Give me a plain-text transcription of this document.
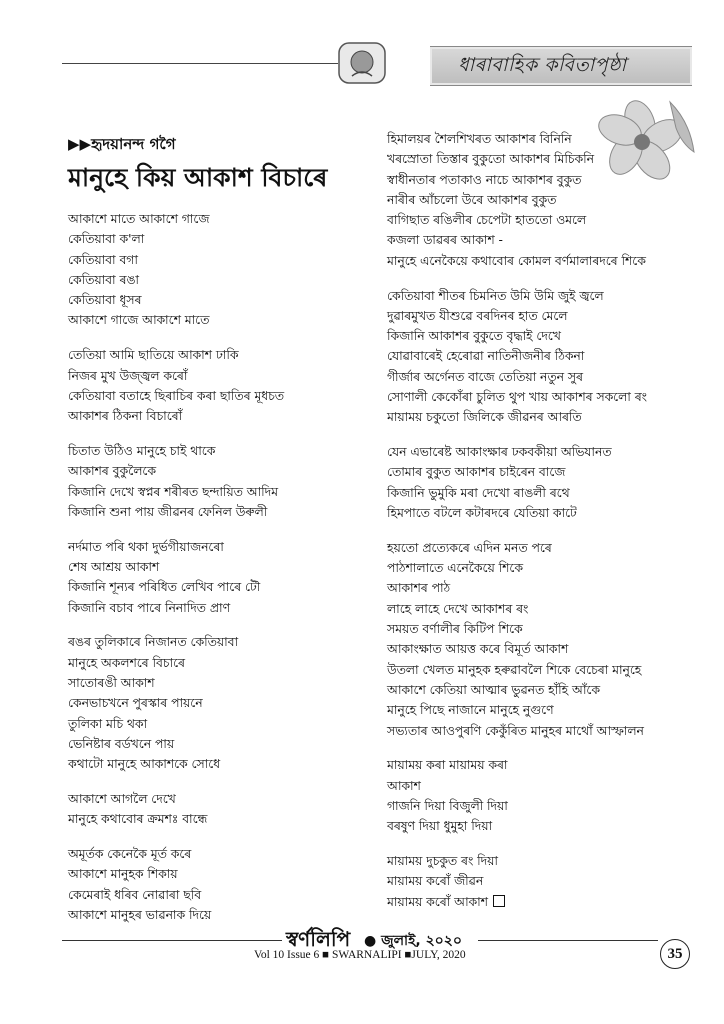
ধাৰাবাহিক কবিতাপৃষ্ঠা
▶▶হৃদয়ানন্দ গগৈ
মানুহে কিয় আকাশ বিচাৰে
আকাশে মাতে আকাশে গাজে
কেতিয়াবা ক'লা
কেতিয়াবা বগা
কেতিয়াবা ৰঙা
কেতিয়াবা ধূসৰ
আকাশে গাজে আকাশে মাতে
তেতিয়া আমি ছাতিয়ে আকাশ ঢাকি
নিজৰ মুখ উজ্জ্বল কৰোঁ
কেতিয়াবা বতাহে ছিৰাচিৰ কৰা ছাতিৰ মূধচত
আকাশৰ ঠিকনা বিচাৰোঁ
চিতাত উঠিও মানুহে চাই থাকে
আকাশৰ বুকুলৈকে
কিজানি দেখে স্বপ্নৰ শৰীৰত ছন্দায়িত আদিম
কিজানি শুনা পায় জীৱনৰ ফেনিল উৰুলী
নৰ্দমাত পৰি থকা দুৰ্ভগীয়াজনৰো
শেষ আশ্ৰয় আকাশ
কিজানি শূন্যৰ পৰিধিত লেখিব পাৰে টৌ
কিজানি বচাব পাৰে নিনাদিত প্ৰাণ
ৰঙৰ তুলিকাৰে নিজানত কেতিয়াবা
মানুহে অকলশৰে বিচাৰে
সাতোৰঙী আকাশ
কেনভাচখনে পুৰস্কাৰ পায়নে
তুলিকা মচি থকা
ভেনিষ্টাৰ বৰ্ডখনে পায়
কথাটো মানুহে আকাশকে সোধে
আকাশে আগলৈ দেখে
মানুহে কথাবোৰ ক্ৰমশঃ বান্ধে
অমূৰ্তক কেনেকৈ মূৰ্ত কৰে
আকাশে মানুহক শিকায়
কেমেৰাই ধৰিব নোৱাৰা ছবি
আকাশে মানুহৰ ভাৱনাক দিয়ে
হিমালয়ৰ শৈলশিখৰত আকাশৰ বিনিনি
খৰস্ৰোতা তিস্তাৰ বুকুতো আকাশৰ মিচিকনি
স্বাধীনতাৰ পতাকাও নাচে আকাশৰ বুকুত
নাৰীৰ আঁচলো উৰে আকাশৰ বুকুত
বাগিছাত ৰঙিলীৰ চেপেটা হাততো ওমলে
কজলা ডাৱৰৰ আকাশ -
মানুহে এনেকৈয়ে কথাবোৰ কোমল বৰ্ণমালাৰদৰে শিকে
কেতিয়াবা শীতৰ চিমনিত উমি উমি জুই জ্বলে
দুৱাৰমুখত যীশুৱে বৰদিনৰ হাত মেলে
কিজানি আকাশৰ বুকুতে বৃদ্ধাই দেখে
যোৱাবাৰেই হেৰোৱা নাতিনীজনীৰ ঠিকনা
গীৰ্জাৰ অৰ্গেনত বাজে তেতিয়া নতুন সুৰ
সোণালী কেকোঁৰা চুলিত থুপ খায় আকাশৰ সকলো ৰং
মায়াময় চকুতো জিলিকে জীৱনৰ আৰতি
যেন এভাৰেষ্ট আকাংক্ষাৰ ঢকবকীয়া অভিযানত
তোমাৰ বুকুত আকাশৰ চাইৰেন বাজে
কিজানি ভুমুকি মৰা দেখো ৰাঙলী ৰথে
হিমপাতে বটলে কটাৰদৰে যেতিয়া কাটে
হয়তো প্ৰত্যেকৰে এদিন মনত পৰে
পাঠশালাতে এনেকৈয়ে শিকে
আকাশৰ পাঠ
লাহে লাহে দেখে আকাশৰ ৰং
সময়ত বৰ্ণালীৰ কিটিপ শিকে
আকাংক্ষাত আয়ত্ত কৰে বিমূৰ্ত আকাশ
উতলা খেলত মানুহক হৰুৱাবলৈ শিকে বেচেৰা মানুহে
আকাশে কেতিয়া আত্মাৰ ভুৱনত হাঁহি আঁকে
মানুহে পিছে নাজানে মানুহে নুগুণে
সভ্যতাৰ আওপুৰণি কেকুঁৰিত মানুহৰ মাথোঁ আস্ফালন
মায়াময় কৰা মায়াময় কৰা
আকাশ
গাজনি দিয়া বিজুলী দিয়া
বৰষুণ দিয়া ধুমুহা দিয়া
মায়াময় দুচকুত ৰং দিয়া
মায়াময় কৰোঁ জীৱন
মায়াময় কৰোঁ আকাশ
স্বৰ্ণলিপি ● জুলাই, ২০২০
Vol 10 Issue 6 ■ SWARNALIPI ■JULY, 2020	35
